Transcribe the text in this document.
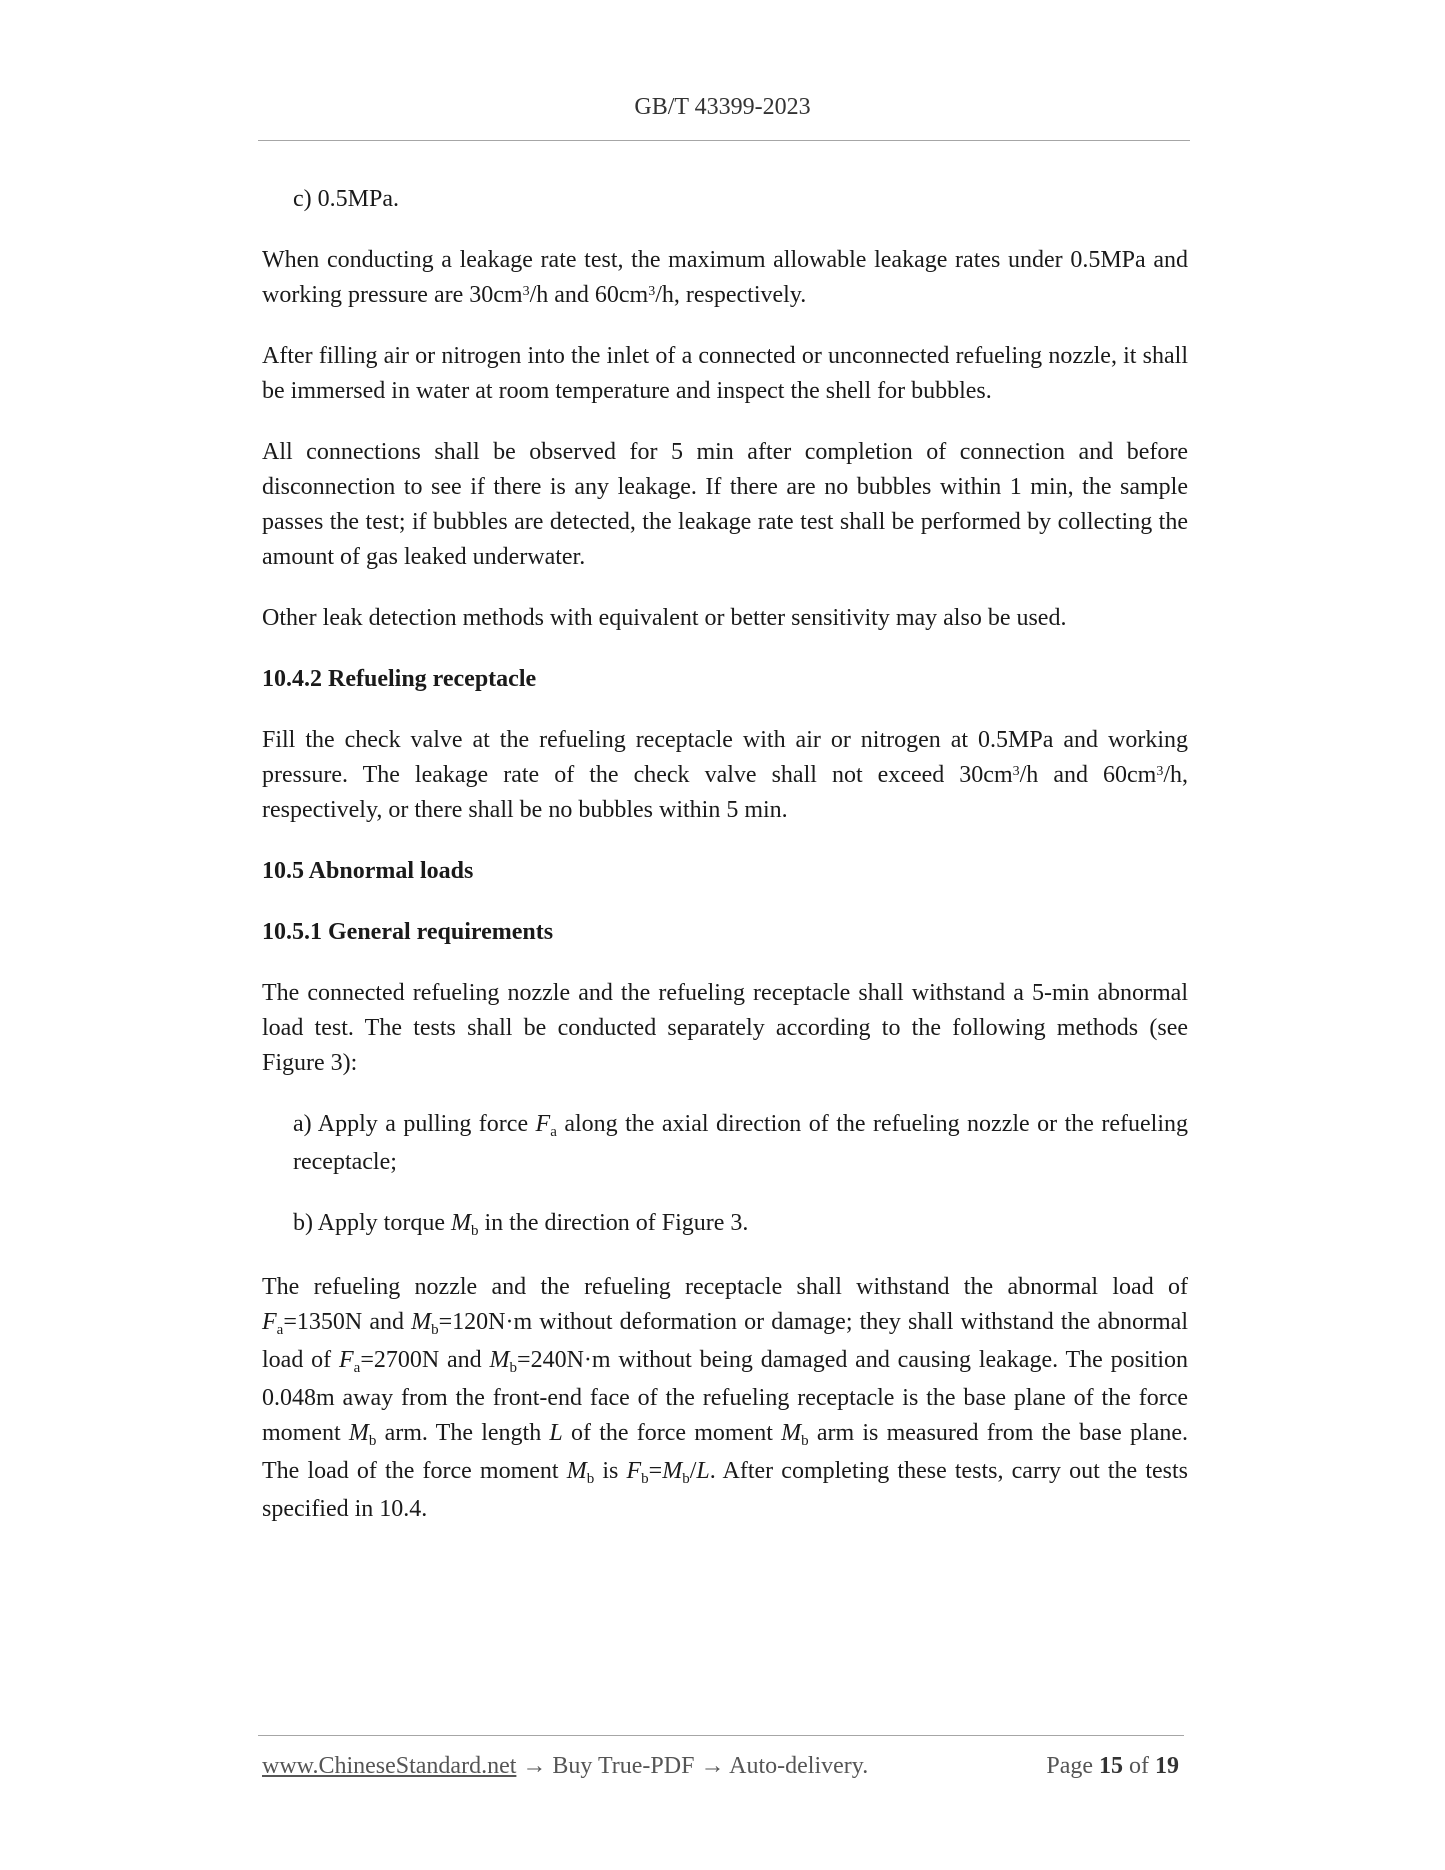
GB/T 43399-2023

c) 0.5MPa.

When conducting a leakage rate test, the maximum allowable leakage rates under 0.5MPa and working pressure are $30cm^3/h$ and $60cm^3/h$, respectively.

After filling air or nitrogen into the inlet of a connected or unconnected refueling nozzle, it shall be immersed in water at room temperature and inspect the shell for bubbles.

All connections shall be observed for 5 min after completion of connection and before disconnection to see if there is any leakage. If there are no bubbles within 1 min, the sample passes the test; if bubbles are detected, the leakage rate test shall be performed by collecting the amount of gas leaked underwater.

Other leak detection methods with equivalent or better sensitivity may also be used.

10.4.2 Refueling receptacle

Fill the check valve at the refueling receptacle with air or nitrogen at 0.5MPa and working pressure. The leakage rate of the check valve shall not exceed $30cm^3/h$ and $60cm^3/h$, respectively, or there shall be no bubbles within 5 min.

10.5 Abnormal loads
10.5.1 General requirements

The connected refueling nozzle and the refueling receptacle shall withstand a 5-min abnormal load test. The tests shall be conducted separately according to the following methods (see Figure 3):

a) Apply a pulling force $F_a$ along the axial direction of the refueling nozzle or the refueling receptacle;

b) Apply torque $M_b$ in the direction of Figure 3.

The refueling nozzle and the refueling receptacle shall withstand the abnormal load of $F_a=1350N$ and $M_b=120N\cdot m$ without deformation or damage; they shall withstand the abnormal load of $F_a=2700N$ and $M_b=240N\cdot m$ without being damaged and causing leakage. The position 0.048m away from the front-end face of the refueling receptacle is the base plane of the force moment $M_b$ arm. The length L of the force moment $M_b$ arm is measured from the base plane. The load of the force moment $M_b$ is $F_b=M_b/L$. After completing these tests, carry out the tests specified in 10.4.

www.ChineseStandard.net → Buy True-PDF → Auto-delivery.	Page 15 of 19
